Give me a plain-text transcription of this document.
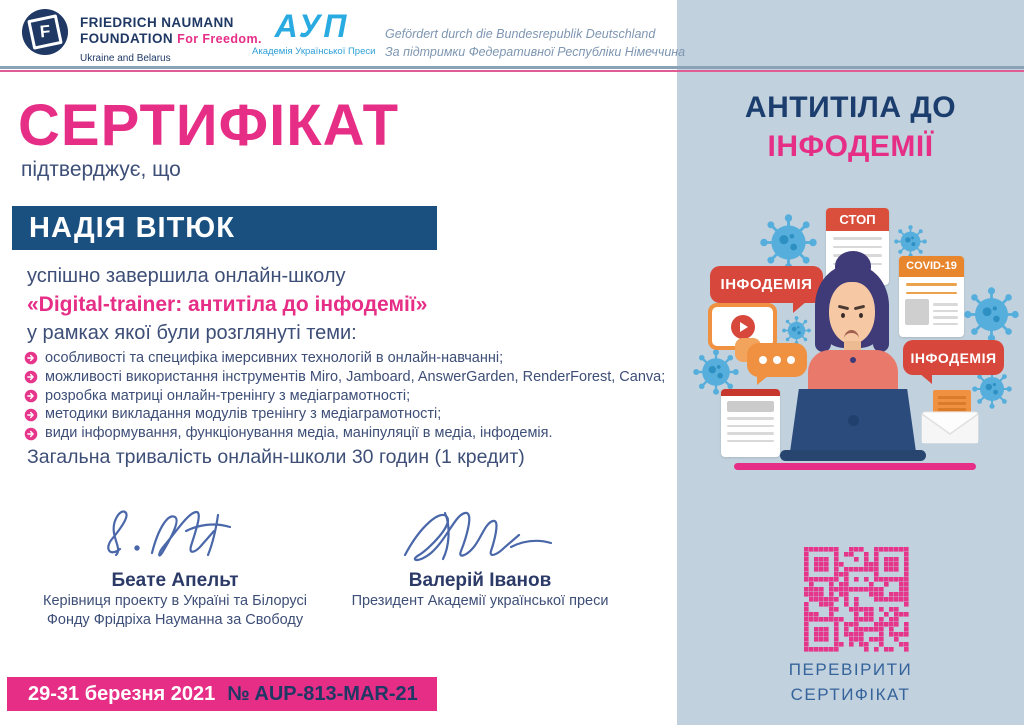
АНТИТІЛА ДО
ІНФОДЕМІЇ
СТОП
COVID-19
ІНФОДЕМІЯ
ІНФОДЕМІЯ
ПЕРЕВІРИТИ
СЕРТИФІКАТ
F FRIEDRICH NAUMANN
FOUNDATION For Freedom.
Ukraine and Belarus
АУП
Академія Української Преси
Gefördert durch die Bundesrepublik Deutschland
За підтримки Федеративної Республіки Німеччина
СЕРТИФІКАТ
підтверджує, що
НАДІЯ ВІТЮК
успішно завершила онлайн-школу
«Digital-trainer: антитіла до інфодемії»
у рамках якої були розглянуті теми:
особливості та специфіка імерсивних технологій в онлайн-навчанні;
можливості використання інструментів Miro, Jamboard, AnswerGarden, RenderForest, Canva;
розробка матриці онлайн-тренінгу з медіаграмотності;
методики викладання модулів тренінгу з медіаграмотності;
види інформування, функціонування медіа, маніпуляції в медіа, інфодемія.
Загальна тривалість онлайн-школи 30 годин (1 кредит)
Беате Апельт
Керівниця проекту в Україні та Білорусі
Фонду Фрідріха Науманна за Свободу
Валерій Іванов
Президент Академії української преси
29-31 березня 2021 № AUP-813-MAR-21
